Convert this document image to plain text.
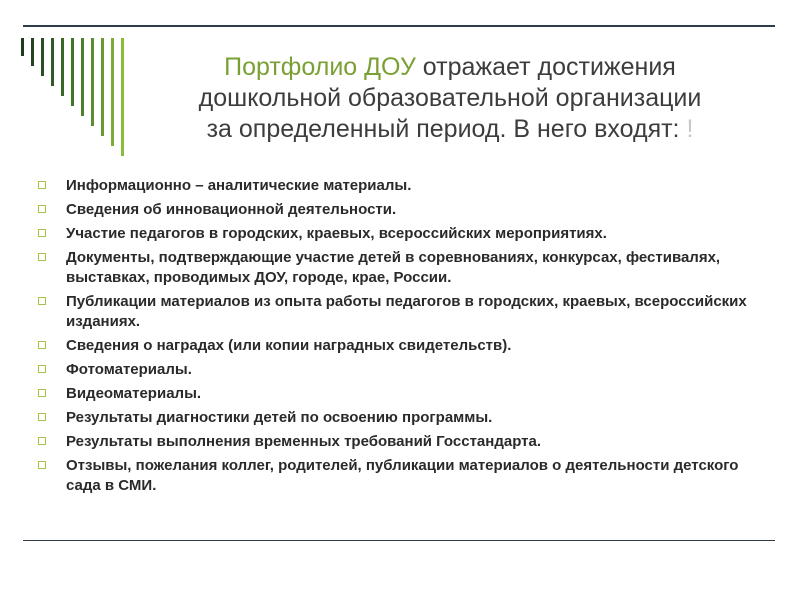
Портфолио ДОУ отражает достижения
дошкольной образовательной организации
за определенный период. В него входят: !
Информационно – аналитические материалы.
Сведения об инновационной деятельности.
Участие педагогов в городских, краевых, всероссийских мероприятиях.
Документы, подтверждающие участие детей в соревнованиях, конкурсах, фестивалях, выставках, проводимых ДОУ, городе, крае, России.
Публикации материалов из опыта работы педагогов в городских, краевых, всероссийских изданиях.
Сведения о наградах (или копии наградных свидетельств).
Фотоматериалы.
Видеоматериалы.
Результаты диагностики детей по освоению программы.
Результаты выполнения временных требований Госстандарта.
Отзывы, пожелания коллег, родителей, публикации материалов о деятельности детского сада в СМИ.
